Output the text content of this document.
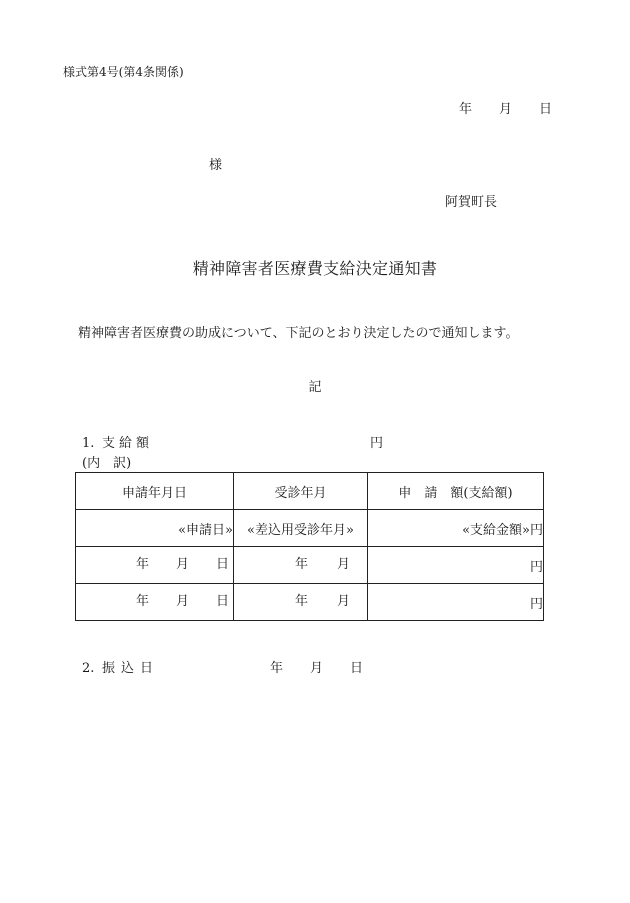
様式第4号(第4条関係)
年 月 日
様
阿賀町長
精神障害者医療費支給決定通知書
精神障害者医療費の助成について、下記のとおり決定したので通知します。
記
1. 支給額	円
(内　訳)
申請年月日	受診年月	申　請　額(支給額)
«申請日»	«差込用受診年月»	«支給金額»円

年 月 日	年 月	円

年 月 日	年 月	円
2. 振込日	年 月 日
